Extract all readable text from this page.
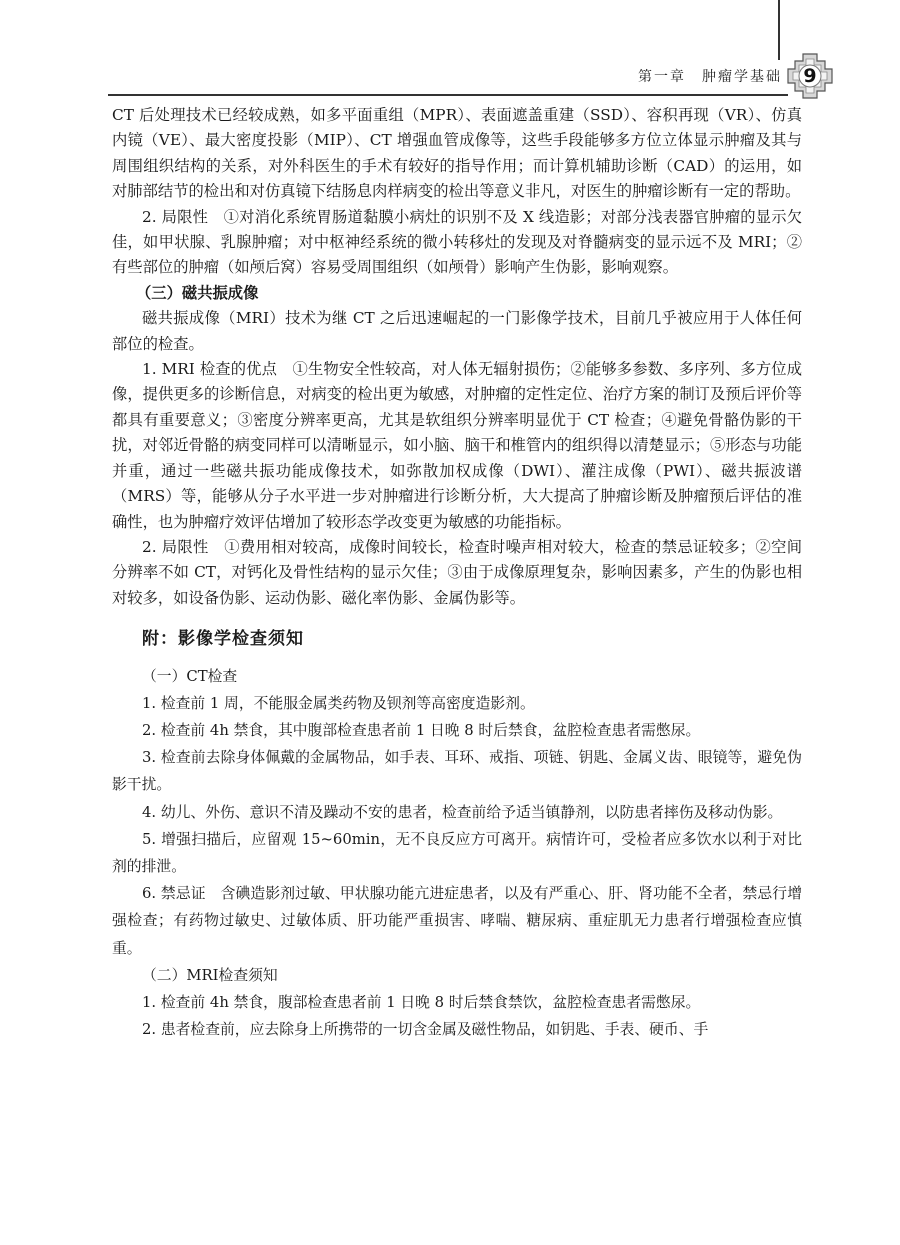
第一章　肿瘤学基础	9

CT 后处理技术已经较成熟，如多平面重组（MPR）、表面遮盖重建（SSD）、容积再现（VR）、仿真内镜（VE）、最大密度投影（MIP）、CT 增强血管成像等，这些手段能够多方位立体显示肿瘤及其与周围组织结构的关系，对外科医生的手术有较好的指导作用；而计算机辅助诊断（CAD）的运用，如对肺部结节的检出和对仿真镜下结肠息肉样病变的检出等意义非凡，对医生的肿瘤诊断有一定的帮助。

2. 局限性　①对消化系统胃肠道黏膜小病灶的识别不及 X 线造影；对部分浅表器官肿瘤的显示欠佳，如甲状腺、乳腺肿瘤；对中枢神经系统的微小转移灶的发现及对脊髓病变的显示远不及 MRI；②有些部位的肿瘤（如颅后窝）容易受周围组织（如颅骨）影响产生伪影，影响观察。

（三）磁共振成像

磁共振成像（MRI）技术为继 CT 之后迅速崛起的一门影像学技术，目前几乎被应用于人体任何部位的检查。

1. MRI 检查的优点　①生物安全性较高，对人体无辐射损伤；②能够多参数、多序列、多方位成像，提供更多的诊断信息，对病变的检出更为敏感，对肿瘤的定性定位、治疗方案的制订及预后评价等都具有重要意义；③密度分辨率更高，尤其是软组织分辨率明显优于 CT 检查；④避免骨骼伪影的干扰，对邻近骨骼的病变同样可以清晰显示，如小脑、脑干和椎管内的组织得以清楚显示；⑤形态与功能并重，通过一些磁共振功能成像技术，如弥散加权成像（DWI）、灌注成像（PWI）、磁共振波谱（MRS）等，能够从分子水平进一步对肿瘤进行诊断分析，大大提高了肿瘤诊断及肿瘤预后评估的准确性，也为肿瘤疗效评估增加了较形态学改变更为敏感的功能指标。

2. 局限性　①费用相对较高，成像时间较长，检查时噪声相对较大，检查的禁忌证较多；②空间分辨率不如 CT，对钙化及骨性结构的显示欠佳；③由于成像原理复杂，影响因素多，产生的伪影也相对较多，如设备伪影、运动伪影、磁化率伪影、金属伪影等。

附：影像学检查须知

（一）CT检查

1. 检查前 1 周，不能服金属类药物及钡剂等高密度造影剂。

2. 检查前 4h 禁食，其中腹部检查患者前 1 日晚 8 时后禁食，盆腔检查患者需憋尿。

3. 检查前去除身体佩戴的金属物品，如手表、耳环、戒指、项链、钥匙、金属义齿、眼镜等，避免伪影干扰。

4. 幼儿、外伤、意识不清及躁动不安的患者，检查前给予适当镇静剂，以防患者摔伤及移动伪影。

5. 增强扫描后，应留观 15~60min，无不良反应方可离开。病情许可，受检者应多饮水以利于对比剂的排泄。

6. 禁忌证　含碘造影剂过敏、甲状腺功能亢进症患者，以及有严重心、肝、肾功能不全者，禁忌行增强检查；有药物过敏史、过敏体质、肝功能严重损害、哮喘、糖尿病、重症肌无力患者行增强检查应慎重。

（二）MRI检查须知

1. 检查前 4h 禁食，腹部检查患者前 1 日晚 8 时后禁食禁饮，盆腔检查患者需憋尿。

2. 患者检查前，应去除身上所携带的一切含金属及磁性物品，如钥匙、手表、硬币、手
